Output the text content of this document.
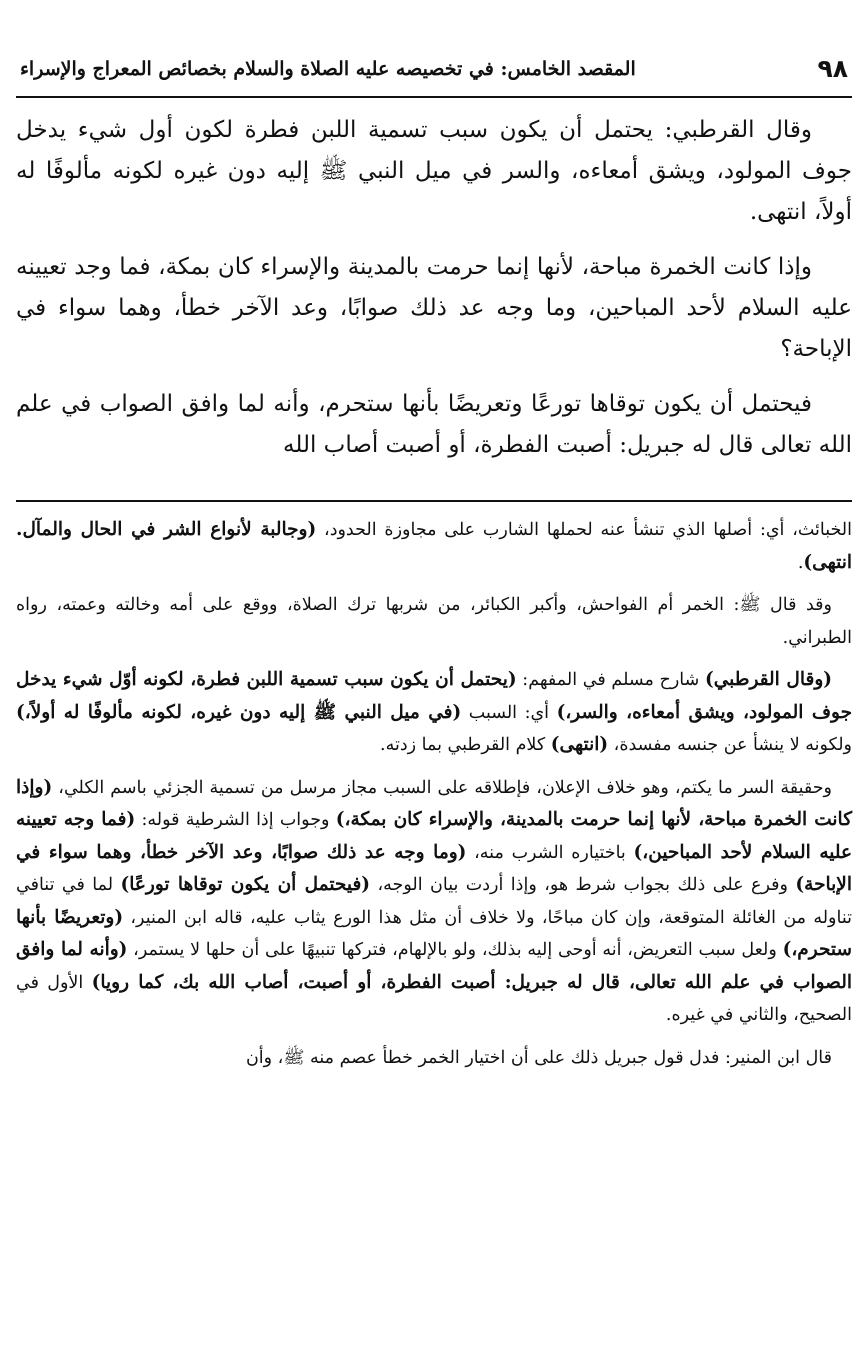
٩٨
المقصد الخامس: في تخصيصه عليه الصلاة والسلام بخصائص المعراج والإسراء

وقال القرطبي: يحتمل أن يكون سبب تسمية اللبن فطرة لكون أول شيء يدخل جوف المولود، ويشق أمعاءه، والسر في ميل النبي ﷺ إليه دون غيره لكونه مألوفًا له أولاً، انتهى.

وإذا كانت الخمرة مباحة، لأنها إنما حرمت بالمدينة والإسراء كان بمكة، فما وجد تعيينه عليه السلام لأحد المباحين، وما وجه عد ذلك صوابًا، وعد الآخر خطأ، وهما سواء في الإباحة؟

فيحتمل أن يكون توقاها تورعًا وتعريضًا بأنها ستحرم، وأنه لما وافق الصواب في علم الله تعالى قال له جبريل: أصبت الفطرة، أو أصبت أصاب الله

الخبائث، أي: أصلها الذي تنشأ عنه لحملها الشارب على مجاوزة الحدود، (وجالبة لأنواع الشر في الحال والمآل. انتهى).

وقد قال ﷺ: الخمر أم الفواحش، وأكبر الكبائر، من شربها ترك الصلاة، ووقع على أمه وخالته وعمته، رواه الطبراني.

(وقال القرطبي) شارح مسلم في المفهم: (يحتمل أن يكون سبب تسمية اللبن فطرة، لكونه أوّل شيء يدخل جوف المولود، ويشق أمعاءه، والسر،) أي: السبب (في ميل النبي ﷺ إليه دون غيره، لكونه مألوفًا له أولاً،) ولكونه لا ينشأ عن جنسه مفسدة، (انتهى) كلام القرطبي بما زدته.

وحقيقة السر ما يكتم، وهو خلاف الإعلان، فإطلاقه على السبب مجاز مرسل من تسمية الجزئي باسم الكلي، (وإذا كانت الخمرة مباحة، لأنها إنما حرمت بالمدينة، والإسراء كان بمكة،) وجواب إذا الشرطية قوله: (فما وجه تعيينه عليه السلام لأحد المباحين،) باختياره الشرب منه، (وما وجه عد ذلك صوابًا، وعد الآخر خطأ، وهما سواء في الإباحة) وفرع على ذلك بجواب شرط هو، وإذا أردت بيان الوجه، (فيحتمل أن يكون توقاها تورعًا) لما في تنافي تناوله من الغائلة المتوقعة، وإن كان مباحًا، ولا خلاف أن مثل هذا الورع يثاب عليه، قاله ابن المنير، (وتعريضًا بأنها ستحرم،) ولعل سبب التعريض، أنه أوحى إليه بذلك، ولو بالإلهام، فتركها تنبيهًا على أن حلها لا يستمر، (وأنه لما وافق الصواب في علم الله تعالى، قال له جبريل: أصبت الفطرة، أو أصبت، أصاب الله بك، كما رويا) الأول في الصحيح، والثاني في غيره.

قال ابن المنير: فدل قول جبريل ذلك على أن اختيار الخمر خطأ عصم منه ﷺ، وأن
